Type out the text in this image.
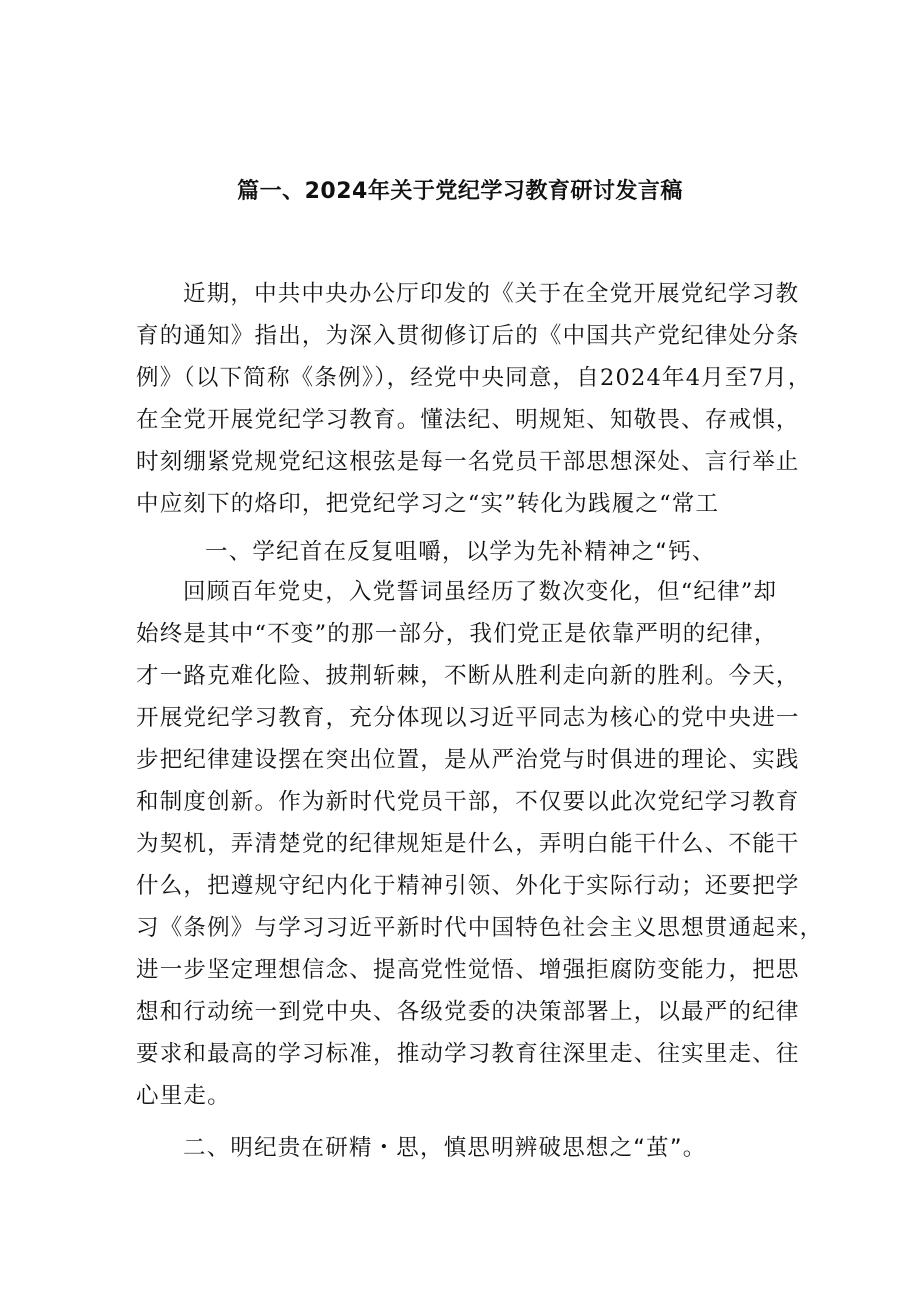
篇一、2024年关于党纪学习教育研讨发言稿

近期，中共中央办公厅印发的《关于在全党开展党纪学习教

育的通知》指出，为深入贯彻修订后的《中国共产党纪律处分条

例》（以下简称《条例》），经党中央同意，自2024年4月至7月，

在全党开展党纪学习教育。懂法纪、明规矩、知敬畏、存戒惧，

时刻绷紧党规党纪这根弦是每一名党员干部思想深处、言行举止

中应刻下的烙印，把党纪学习之“实”转化为践履之“常工

一、学纪首在反复咀嚼，以学为先补精神之“钙、

回顾百年党史，入党誓词虽经历了数次变化，但“纪律”却

始终是其中“不变”的那一部分，我们党正是依靠严明的纪律，

才一路克难化险、披荆斩棘，不断从胜利走向新的胜利。今天，

开展党纪学习教育，充分体现以习近平同志为核心的党中央进一

步把纪律建设摆在突出位置，是从严治党与时俱进的理论、实践

和制度创新。作为新时代党员干部，不仅要以此次党纪学习教育

为契机，弄清楚党的纪律规矩是什么，弄明白能干什么、不能干

什么，把遵规守纪内化于精神引领、外化于实际行动；还要把学

习《条例》与学习习近平新时代中国特色社会主义思想贯通起来，

进一步坚定理想信念、提高党性觉悟、增强拒腐防变能力，把思

想和行动统一到党中央、各级党委的决策部署上，以最严的纪律

要求和最高的学习标准，推动学习教育往深里走、往实里走、往

心里走。

二、明纪贵在研精・思，慎思明辨破思想之“茧”。
